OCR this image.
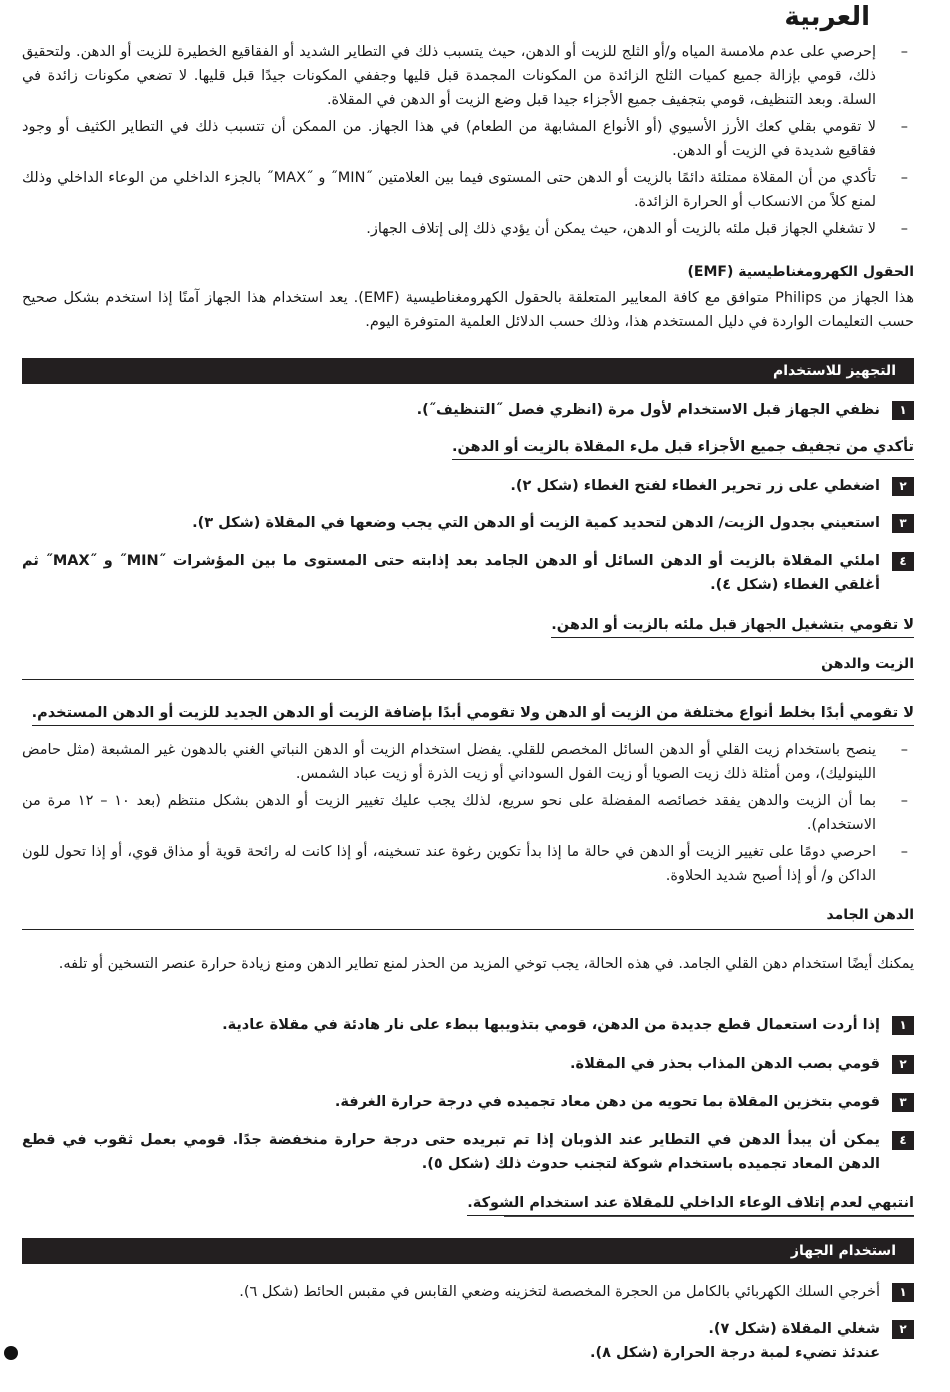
العربية
–
إحرصي على عدم ملامسة المياه و/أو الثلج للزيت أو الدهن، حيث يتسبب ذلك في التطاير الشديد أو الفقاقيع الخطيرة للزيت أو الدهن. ولتحقيق ذلك، قومي بإزالة جميع كميات الثلج الزائدة من المكونات المجمدة قبل قليها وجففي المكونات جيدًا قبل قليها. لا تضعي مكونات زائدة في السلة. وبعد التنظيف، قومي بتجفيف جميع الأجزاء جيدا قبل وضع الزيت أو الدهن في المقلاة.
–
لا تقومي بقلي كعك الأرز الأسيوي (أو الأنواع المشابهة من الطعام) في هذا الجهاز. من الممكن أن تتسبب ذلك في التطاير الكثيف أو وجود فقاقيع شديدة في الزيت أو الدهن.
–
تأكدي من أن المقلاة ممتلئة دائمًا بالزيت أو الدهن حتى المستوى فيما بين العلامتين ˝MIN˝ و ˝MAX˝ بالجزء الداخلي من الوعاء الداخلي وذلك لمنع كلاً من الانسكاب أو الحرارة الزائدة.
–
لا تشغلي الجهاز قبل ملئه بالزيت أو الدهن، حيث يمكن أن يؤدي ذلك إلى إتلاف الجهاز.
الحقول الكهرومغناطيسية (EMF)
هذا الجهاز من Philips متوافق مع كافة المعايير المتعلقة بالحقول الكهرومغناطيسية (EMF). يعد استخدام هذا الجهاز آمنًا إذا استخدم بشكل صحيح حسب التعليمات الواردة في دليل المستخدم هذا، وذلك حسب الدلائل العلمية المتوفرة اليوم.
التجهيز للاستخدام
١
نظفي الجهاز قبل الاستخدام لأول مرة (انظري فصل ˝التنظيف˝).
تأكدي من تجفيف جميع الأجزاء قبل ملء المقلاة بالزيت أو الدهن.
٢
اضغطي على زر تحرير الغطاء لفتح الغطاء (شكل ٢).
٣
استعيني بجدول الزيت/ الدهن لتحديد كمية الزيت أو الدهن التي يجب وضعها في المقلاة (شكل ٣).
٤
املئي المقلاة بالزيت أو الدهن السائل أو الدهن الجامد بعد إذابته حتى المستوى ما بين المؤشرات ˝MIN˝ و ˝MAX˝ ثم أغلقي الغطاء (شكل ٤).
لا تقومي بتشغيل الجهاز قبل ملئه بالزيت أو الدهن.
الزيت والدهن
لا تقومي أبدًا بخلط أنواع مختلفة من الزيت أو الدهن ولا تقومي أبدًا بإضافة الزيت أو الدهن الجديد للزيت أو الدهن المستخدم.
–
ينصح باستخدام زيت القلي أو الدهن السائل المخصص للقلي. يفضل استخدام الزيت أو الدهن النباتي الغني بالدهون غير المشبعة (مثل حامض اللينوليك)، ومن أمثلة ذلك زيت الصويا أو زيت الفول السوداني أو زيت الذرة أو زيت عباد الشمس.
–
بما أن الزيت والدهن يفقد خصائصه المفضلة على نحو سريع، لذلك يجب عليك تغيير الزيت أو الدهن بشكل منتظم (بعد ١٠ – ١٢ مرة من الاستخدام).
–
احرصي دومًا على تغيير الزيت أو الدهن في حالة ما إذا بدأ تكوين رغوة عند تسخينه، أو إذا كانت له رائحة قوية أو مذاق قوي، أو إذا تحول للون الداكن و/ أو إذا أصبح شديد الحلاوة.
الدهن الجامد
يمكنك أيضًا استخدام دهن القلي الجامد. في هذه الحالة، يجب توخي المزيد من الحذر لمنع تطاير الدهن ومنع زيادة حرارة عنصر التسخين أو تلفه.
١
إذا أردت استعمال قطع جديدة من الدهن، قومي بتذويبها ببطء على نار هادئة في مقلاة عادية.
٢
قومي بصب الدهن المذاب بحذر في المقلاة.
٣
قومي بتخزين المقلاة بما تحويه من دهن معاد تجميده في درجة حرارة الغرفة.
٤
يمكن أن يبدأ الدهن في التطاير عند الذوبان إذا تم تبريده حتى درجة حرارة منخفضة جدًا. قومي بعمل ثقوب في قطع الدهن المعاد تجميده باستخدام شوكة لتجنب حدوث ذلك (شكل ٥).
انتبهي لعدم إتلاف الوعاء الداخلي للمقلاة عند استخدام الشوكة.
استخدام الجهاز
١
أخرجي السلك الكهربائي بالكامل من الحجرة المخصصة لتخزينه وضعي القابس في مقبس الحائط (شكل ٦).
٢
شغلي المقلاة (شكل ٧).
عندئذ تضيء لمبة درجة الحرارة (شكل ٨).
